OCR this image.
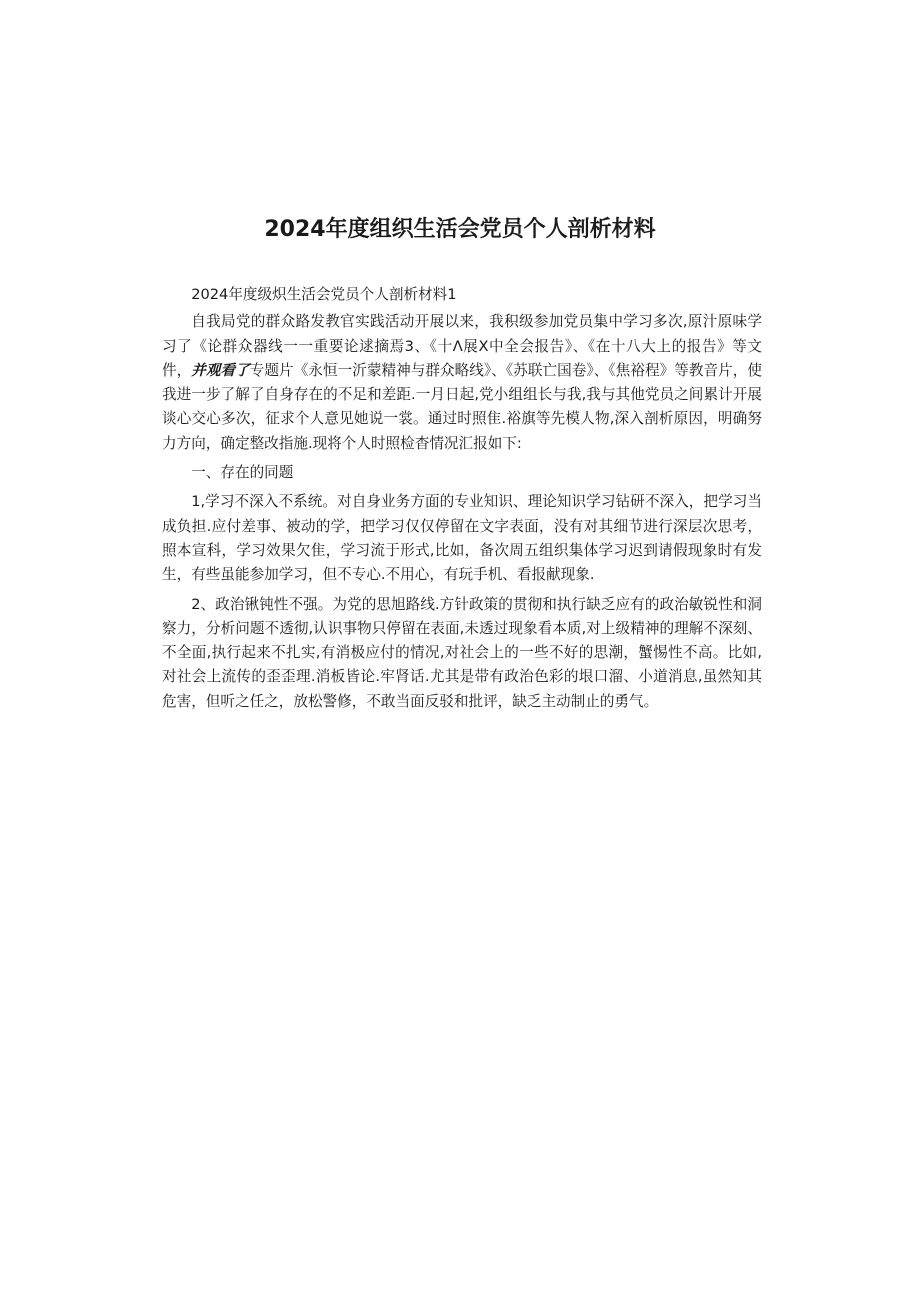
2024年度组织生活会党员个人剖析材料

2024年度级炽生活会党员个人剖析材料1

自我局党的群众路发教官实践活动开展以来，我积级参加党员集中学习多次,原汁原味学习了《论群众器线一一重要论逑摘焉3、《十Λ展X中全会报告》、《在十八大上的报告》等文件，并观看了专题片《永恒一沂蒙精神与群众略线》、《苏联亡国卷》、《焦裕程》等教音片，使我进一步了解了自身存在的不足和差距.一月日起,党小组组长与我,我与其他党员之间累计开展谈心交心多次，征求个人意见她说一裳。通过时照隹.裕旗等先模人物,深入剖析原因，明确努力方向，确定整改指施.现将个人时照检杳情况汇报如下:

一、存在的同题

1,学习不深入不系统。对自身业务方面的专业知识、理论知识学习钻研不深入，把学习当成负担.应付差事、被动的学，把学习仅仅停留在文字表面，没有对其细节进行深层次思考，照本宣科，学习效果欠隹，学习流于形式,比如，备次周五组织集体学习迟到请假现象时有发生，有些虽能参加学习，但不专心.不用心，有玩手机、看报献现象.

2、政治锹钝性不强。为党的思旭路线.方针政策的贯彻和执行缺乏应有的政治敏锐性和洞察力，分析问题不透彻,认识事物只停留在表面,未透过现象看本质,对上级精神的理解不深刻、不全面,执行起来不扎实,有消极应付的情况,对社会上的一些不好的思潮，蟹惕性不高。比如,对社会上流传的歪歪理.消板皆论.牢肾话.尤其是带有政治色彩的垠口溜、小道消息,虽然知其危害，但听之任之，放松警修，不敢当面反驳和批评，缺乏主动制止的勇气。
